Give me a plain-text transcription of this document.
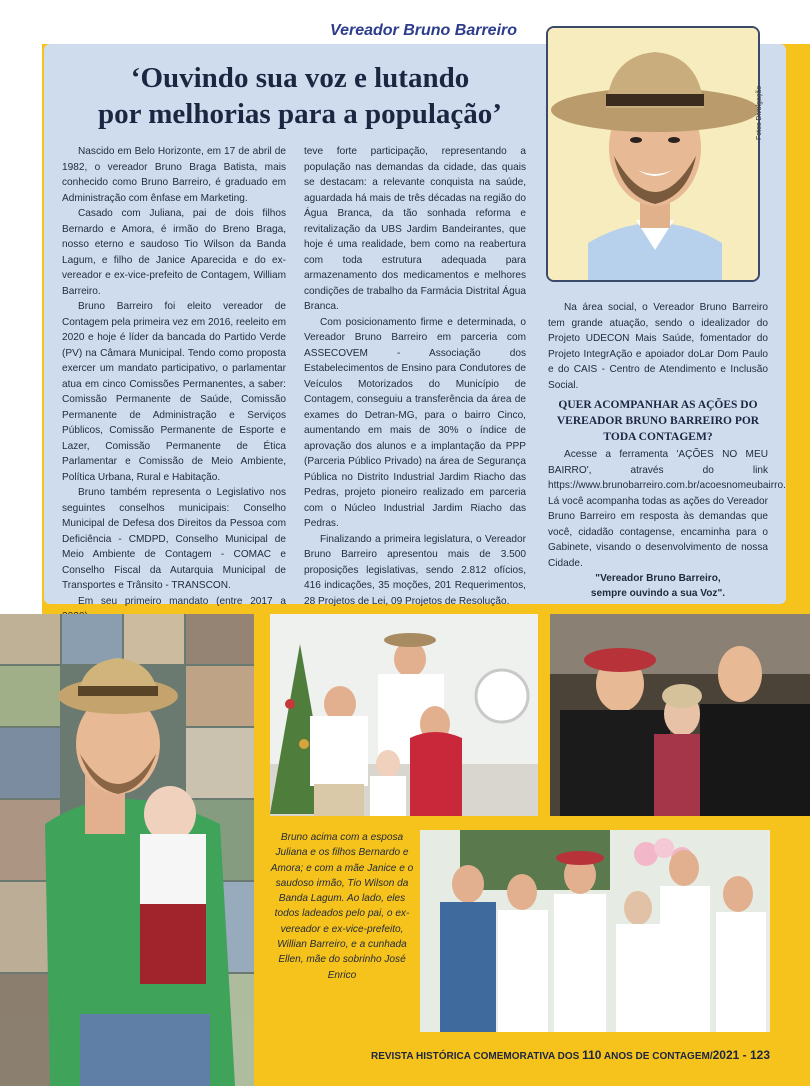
Vereador Bruno Barreiro
‘Ouvindo sua voz e lutando
por melhorias para a população’	Fotos Divulgação

Nascido em Belo Horizonte, em 17 de abril de 1982, o vereador Bruno Braga Batista, mais conhecido como Bruno Barreiro, é graduado em Administração com ênfase em Marketing.

Casado com Juliana, pai de dois filhos Bernardo e Amora, é irmão do Breno Braga, nosso eterno e saudoso Tio Wilson da Banda Lagum, e filho de Janice Aparecida e do ex-vereador e ex-vice-prefeito de Contagem, William Barreiro.

Bruno Barreiro foi eleito vereador de Contagem pela primeira vez em 2016, reeleito em 2020 e hoje é líder da bancada do Partido Verde (PV) na Câmara Municipal. Tendo como proposta exercer um mandato participativo, o parlamentar atua em cinco Comissões Permanentes, a saber: Comissão Permanente de Saúde, Comissão Permanente de Administração e Serviços Públicos, Comissão Permanente de Esporte e Lazer, Comissão Permanente de Ética Parlamentar e Comissão de Meio Ambiente, Política Urbana, Rural e Habitação.

Bruno também representa o Legislativo nos seguintes conselhos municipais: Conselho Municipal de Defesa dos Direitos da Pessoa com Deficiência - CMDPD, Conselho Municipal de Meio Ambiente de Contagem - COMAC e Conselho Fiscal da Autarquia Municipal de Transportes e Trânsito - TRANSCON.

Em seu primeiro mandato (entre 2017 a

teve forte participação, representando a população nas demandas da cidade, das quais se destacam: a relevante conquista na saúde, aguardada há mais de três décadas na região do Água Branca, da tão sonhada reforma e revitalização da UBS Jardim Bandeirantes, que hoje é uma realidade, bem como na reabertura com toda estrutura adequada para armazenamento dos medicamentos e melhores condições de trabalho da Farmácia Distrital Água Branca.

Com posicionamento firme e determinada, o Vereador Bruno Barreiro em parceria com ASSECOVEM - Associação dos Estabelecimentos de Ensino para Condutores de Veículos Motorizados do Município de Contagem, conseguiu a transferência da área de exames do Detran-MG, para o bairro Cinco, aumentando em mais de 30% o índice de aprovação dos alunos e a implantação da PPP (Parceria Público Privado) na área de Segurança Pública no Distrito Industrial Jardim Riacho das Pedras, projeto pioneiro realizado em parceria com o Núcleo Industrial Jardim Riacho das Pedras.

Finalizando a primeira legislatura, o Vereador Bruno Barreiro apresentou mais de 3.500 proposições legislativas, sendo 2.812 ofícios, 416 indicações, 35 moções, 201 Requerimentos, 28 Projetos de Lei, 09 Projetos de Resolução.

Na área social, o Vereador Bruno Barreiro tem grande atuação, sendo o idealizador do Projeto UDECON Mais Saúde, fomentador do Projeto IntegrAção e apoiador doLar Dom Paulo e do CAIS - Centro de Atendimento e Inclusão Social.

QUER ACOMPANHAR AS AÇÕES DO VEREADOR BRUNO BARREIRO POR TODA CONTAGEM?

Acesse a ferramenta 'AÇÕES NO MEU BAIRRO', através do link https://www.brunobarreiro.com.br/acoesnomeubairro. Lá você acompanha todas as ações do Vereador Bruno Barreiro em resposta às demandas que você, cidadão contagense, encaminha para o Gabinete, visando o desenvolvimento de nossa Cidade.

"Vereador Bruno Barreiro,
sempre ouvindo a sua Voz".
Bruno acima com a esposa Juliana e os filhos Bernardo e Amora; e com a mãe Janice e o saudoso irmão, Tio Wilson da Banda Lagum. Ao lado, eles todos ladeados pelo pai, o ex-vereador e ex-vice-prefeito, Willian Barreiro, e a cunhada Ellen, mãe do sobrinho José Enrico
REVISTA HISTÓRICA COMEMORATIVA DOS 110 ANOS DE CONTAGEM/2021 - 123
